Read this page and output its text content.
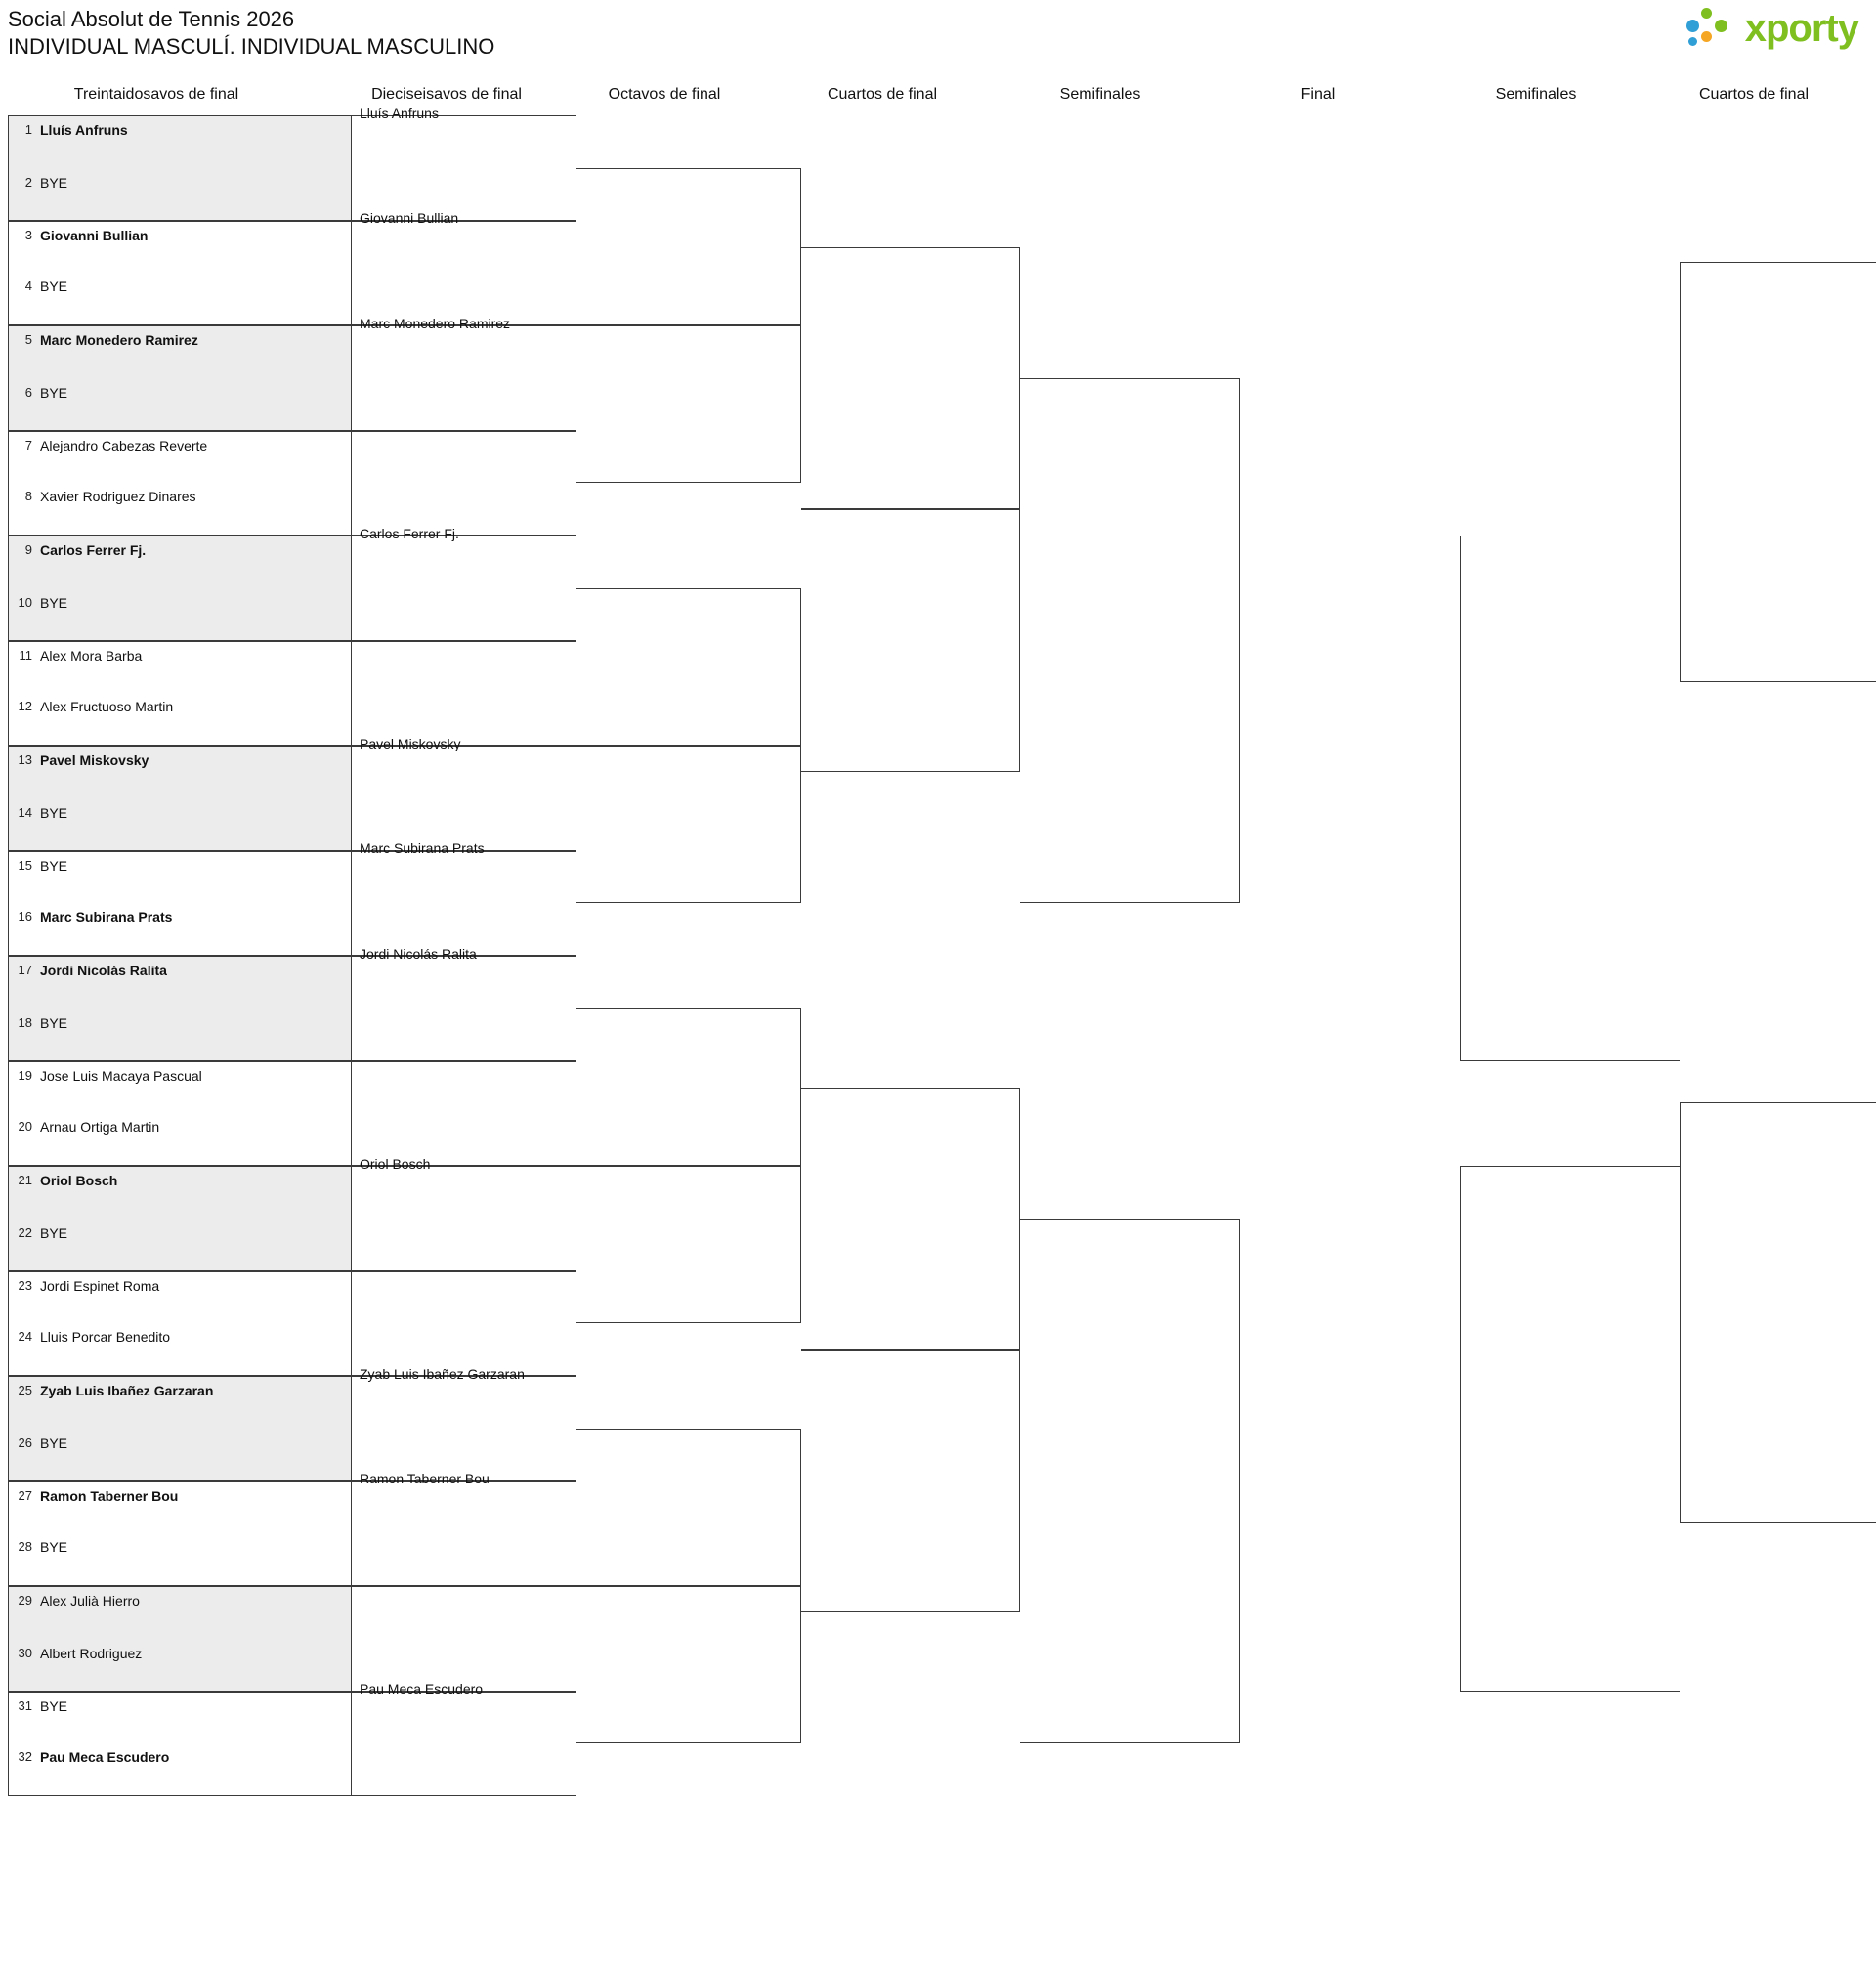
Social Absolut de Tennis 2026
INDIVIDUAL MASCULÍ. INDIVIDUAL MASCULINO	xporty
Treintaidosavos de final	Dieciseisavos de final	Octavos de final	Cuartos de final	Semifinales	Final	Semifinales	Cuartos de final
1 Lluís Anfruns
2 BYE
3 Giovanni Bullian
4 BYE
5 Marc Monedero Ramirez
6 BYE
7 Alejandro Cabezas Reverte
8 Xavier Rodriguez Dinares
9 Carlos Ferrer Fj.
10 BYE
11 Alex Mora Barba
12 Alex Fructuoso Martin
13 Pavel Miskovsky
14 BYE
15 BYE
16 Marc Subirana Prats
17 Jordi Nicolás Ralita
18 BYE
19 Jose Luis Macaya Pascual
20 Arnau Ortiga Martin
21 Oriol Bosch
22 BYE
23 Jordi Espinet Roma
24 Lluis Porcar Benedito
25 Zyab Luis Ibañez Garzaran
26 BYE
27 Ramon Taberner Bou
28 BYE
29 Alex Julià Hierro
30 Albert Rodriguez
31 BYE
32 Pau Meca Escudero
Lluís Anfruns
Giovanni Bullian
Marc Monedero Ramirez
Carlos Ferrer Fj.
Pavel Miskovsky
Marc Subirana Prats
Jordi Nicolás Ralita
Oriol Bosch
Zyab Luis Ibañez Garzaran
Ramon Taberner Bou
Pau Meca Escudero
